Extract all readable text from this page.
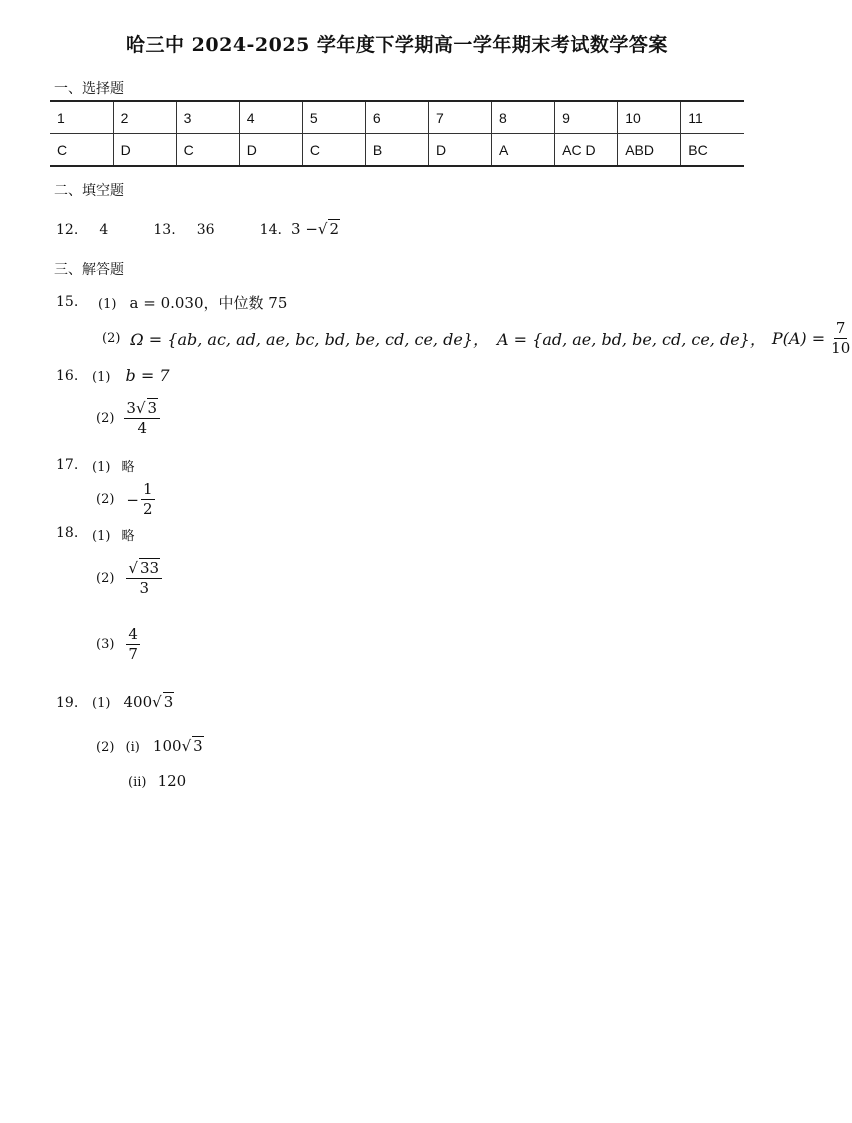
哈三中 2024-2025 学年度下学期高一学年期末考试数学答案
一、选择题
1	2	3	4	5	6	7	8	9	10	11
C	D	C	D	C	B	D	A	AC D	ABD	BC
二、填空题
12. 4	13. 36	14. 3 −√ 2
三、解答题
15. (1) a = 0.030，中位数 75
(2) Ω = {ab, ac, ad, ae, bc, bd, be, cd, ce, de}， A = {ad, ae, bd, be, cd, ce, de}， $P(A) = \frac{7}{10}$
16. (1) b = 7
$(2) \frac{3√ 3}{4}$
17. (1) 略
$(2) - \frac{1}{2}$
18. (1) 略
$(2) \frac{√ 33}{3}$
$(3) \frac{4}{7}$
19. (1) 400√ 3
(2) (i) 100√ 3
(ii) 120
